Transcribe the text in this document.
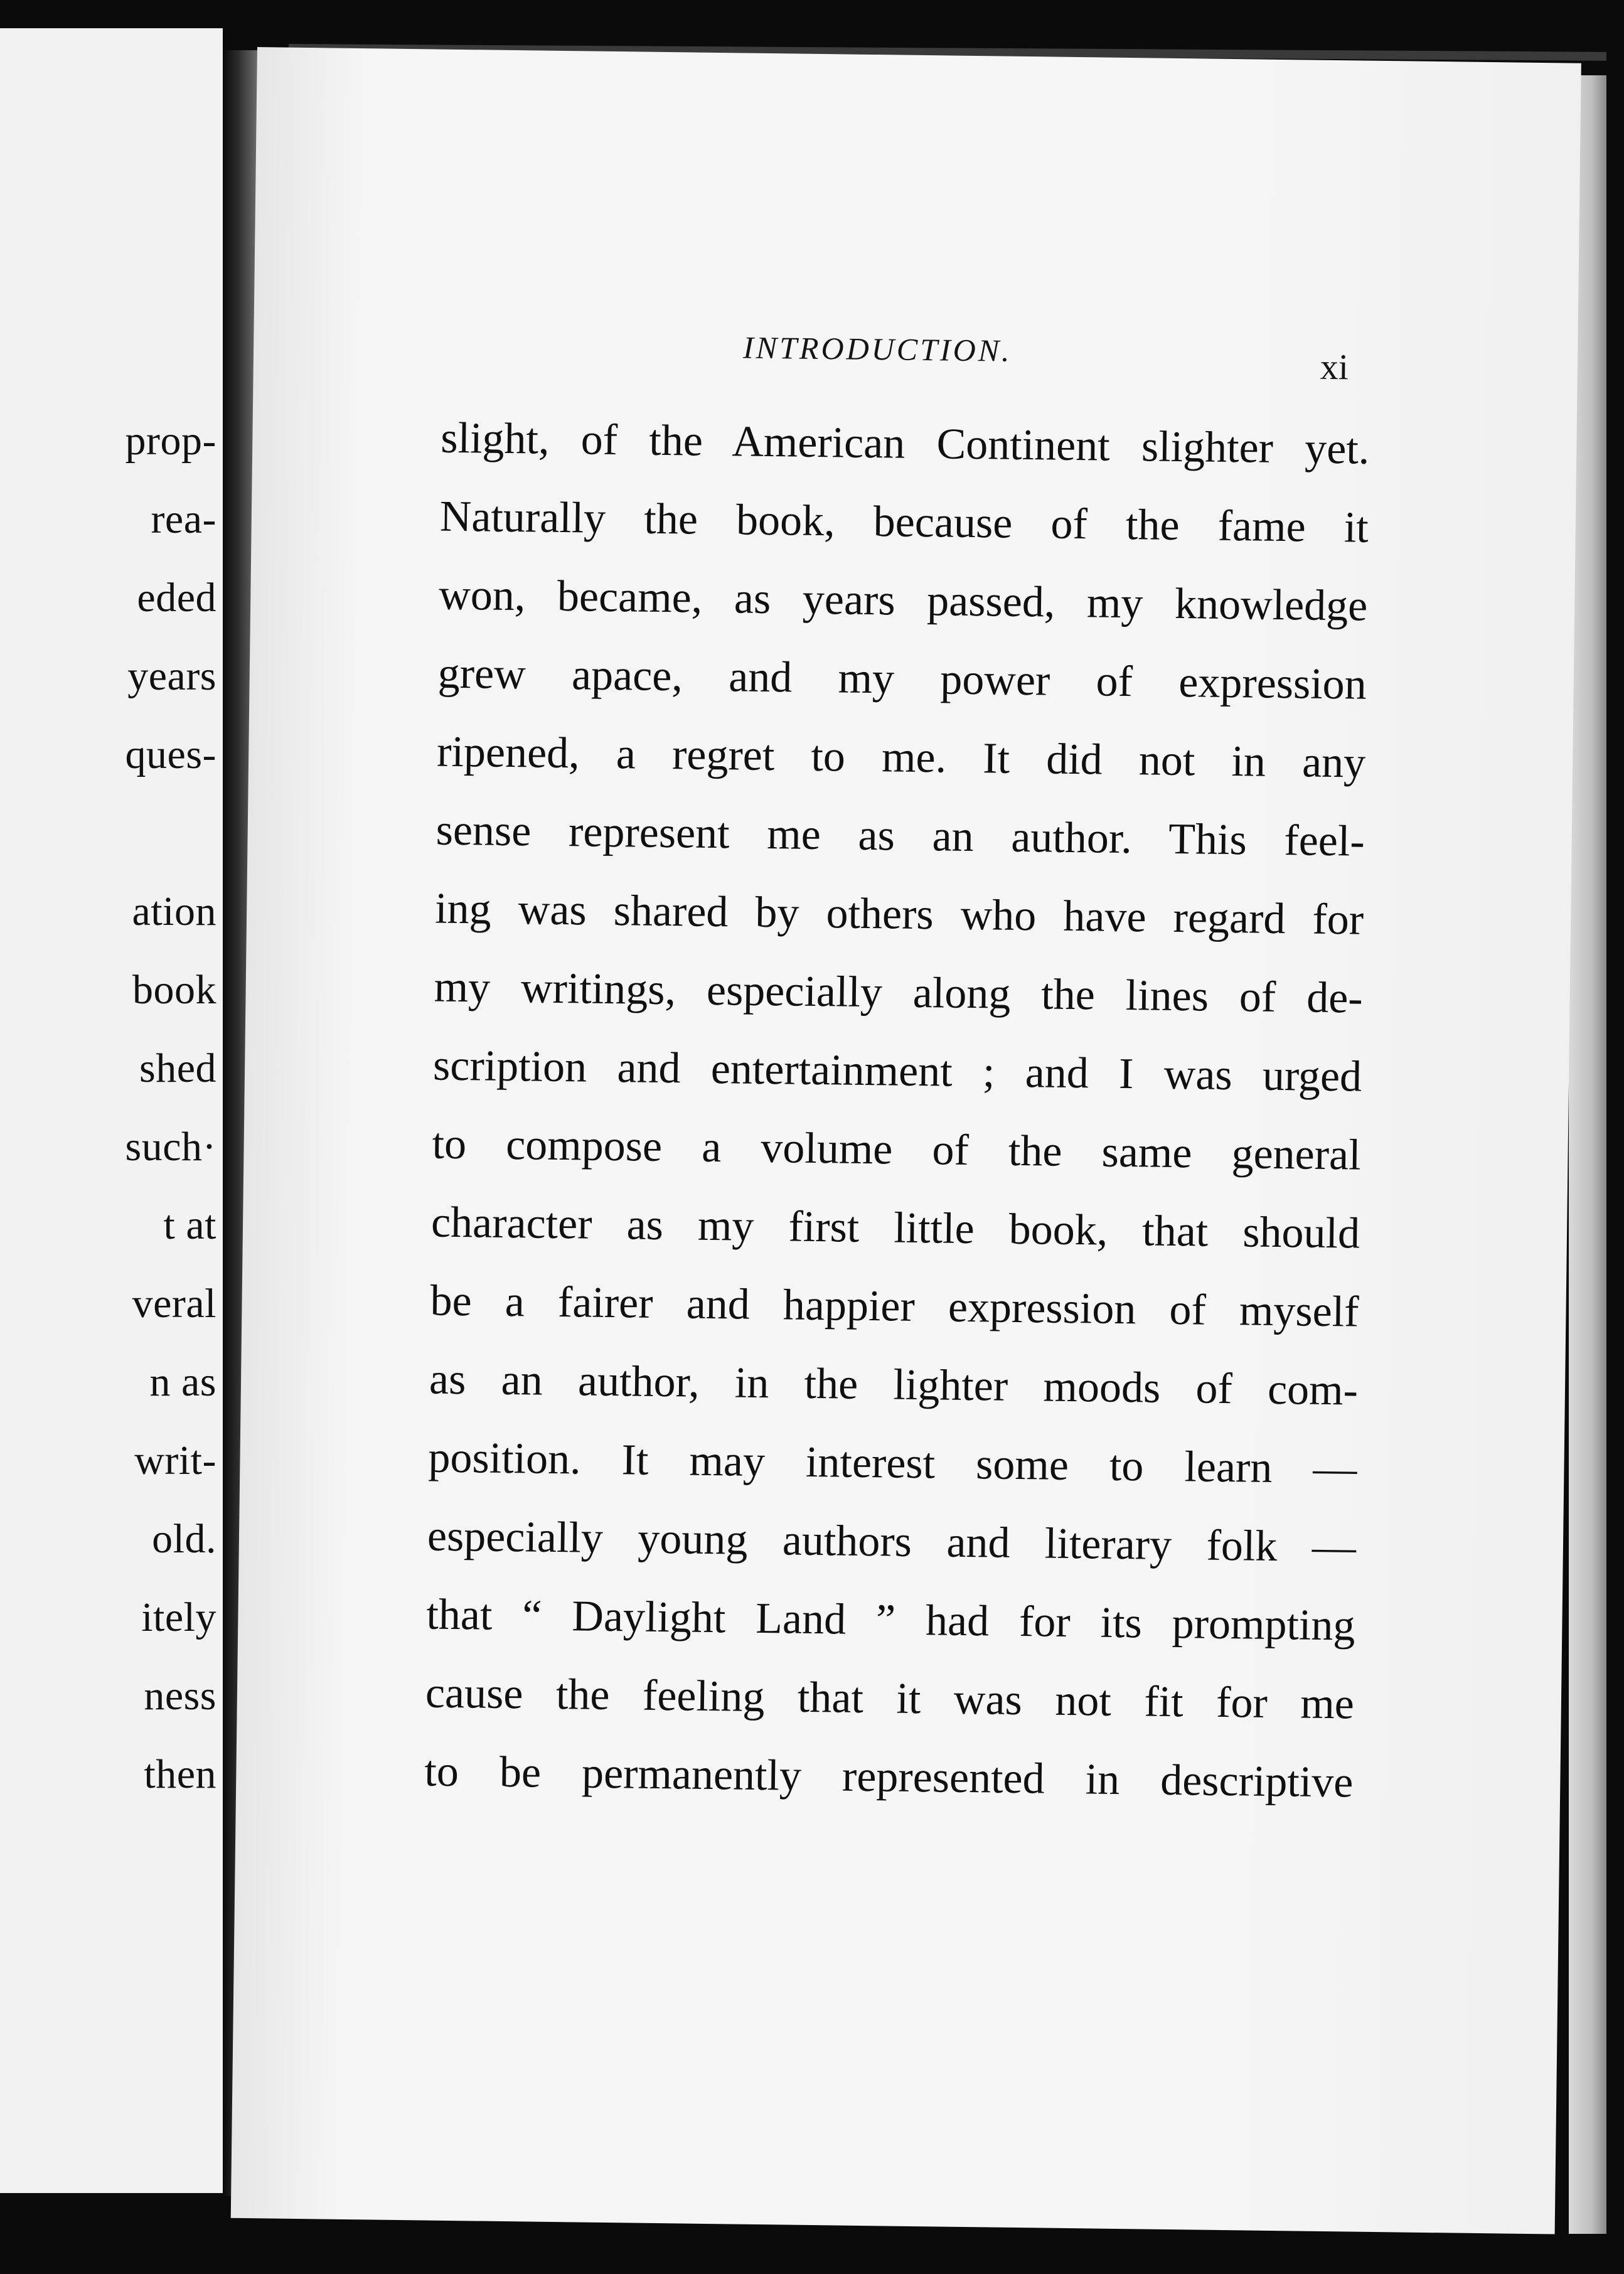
prop-
rea-
eded
years
ques-
ation
book
shed
such·
t at
veral
n as
writ-
old.
itely
ness
then
INTRODUCTION.	xi
slight, of the American Continent slighter yet.
Naturally the book, because of the fame it
won, became, as years passed, my knowledge
grew apace, and my power of expression
ripened, a regret to me. It did not in any
sense represent me as an author. This feel-
ing was shared by others who have regard for
my writings, especially along the lines of de-
scription and entertainment ; and I was urged
to compose a volume of the same general
character as my first little book, that should
be a fairer and happier expression of myself
as an author, in the lighter moods of com-
position. It may interest some to learn —
especially young authors and literary folk —
that “ Daylight Land ” had for its prompting
cause the feeling that it was not fit for me
to be permanently represented in descriptive
